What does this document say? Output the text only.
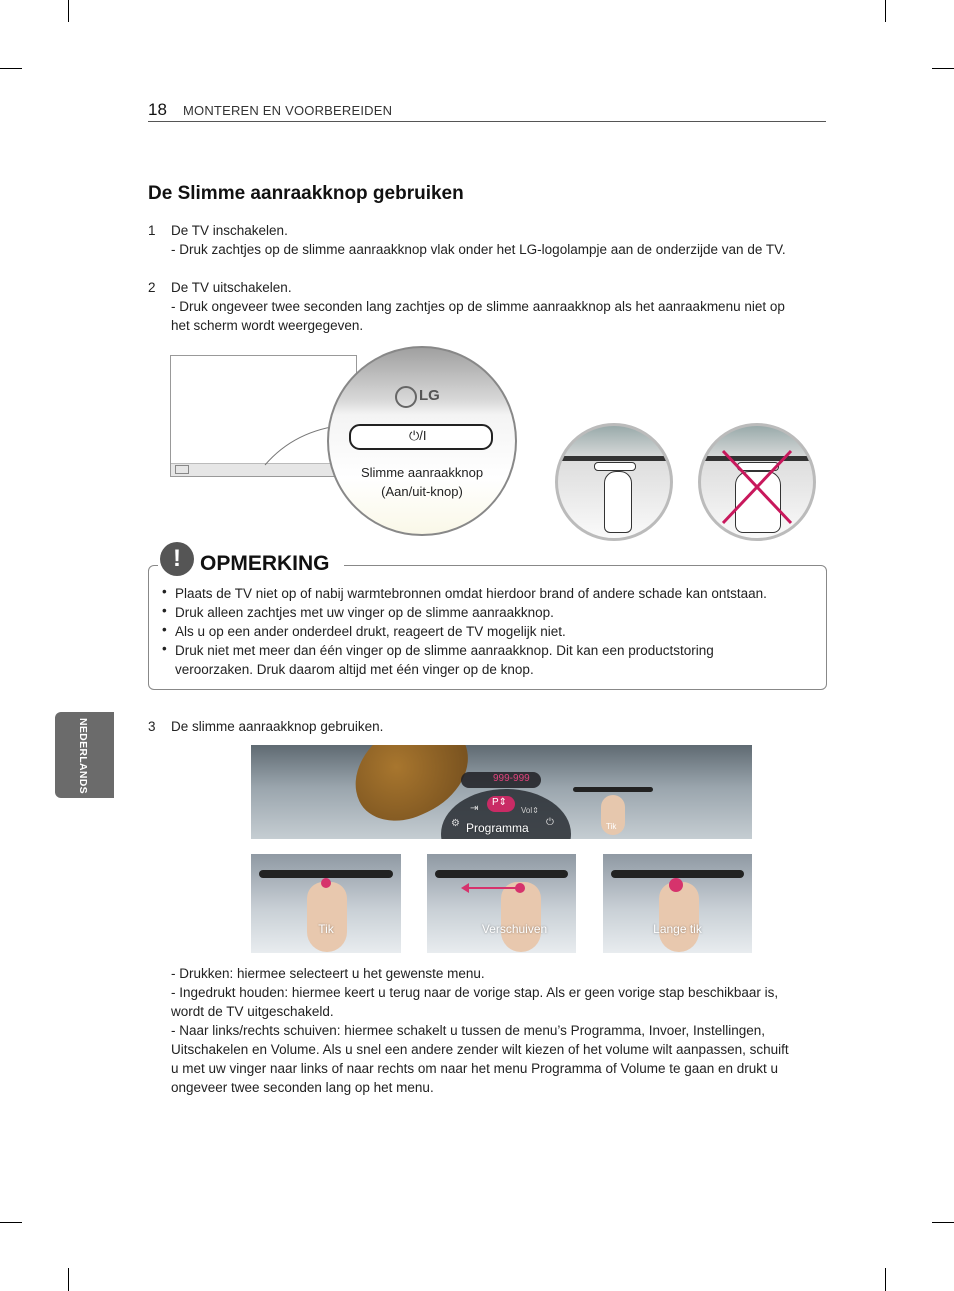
18 MONTEREN EN VOORBEREIDEN
NEDERLANDS
De Slimme aanraakknop gebruiken
1 De TV inschakelen.
- Druk zachtjes op de slimme aanraakknop vlak onder het LG-logolampje aan de onderzijde van de TV.
2 De TV uitschakelen.
- Druk ongeveer twee seconden lang zachtjes op de slimme aanraakknop als het aanraakmenu niet op
het scherm wordt weergegeven.
LG
⏻/I
Slimme aanraakknop
(Aan/uit-knop)
! OPMERKING
• Plaats de TV niet op of nabij warmtebronnen omdat hierdoor brand of andere schade kan ontstaan.
• Druk alleen zachtjes met uw vinger op de slimme aanraakknop.
• Als u op een ander onderdeel drukt, reageert de TV mogelijk niet.
• Druk niet met meer dan één vinger op de slimme aanraakknop. Dit kan een productstoring
veroorzaken. Druk daarom altijd met één vinger op de knop.
3 De slimme aanraakknop gebruiken.
999-999
⇥
P⇕
Vol⇕
⚙	⏻
Programma	Tik
Tik	Verschuiven	Lange tik
- Drukken: hiermee selecteert u het gewenste menu.
- Ingedrukt houden: hiermee keert u terug naar de vorige stap. Als er geen vorige stap beschikbaar is,
wordt de TV uitgeschakeld.
- Naar links/rechts schuiven: hiermee schakelt u tussen de menu’s Programma, Invoer, Instellingen,
Uitschakelen en Volume. Als u snel een andere zender wilt kiezen of het volume wilt aanpassen, schuift
u met uw vinger naar links of naar rechts om naar het menu Programma of Volume te gaan en drukt u
ongeveer twee seconden lang op het menu.
